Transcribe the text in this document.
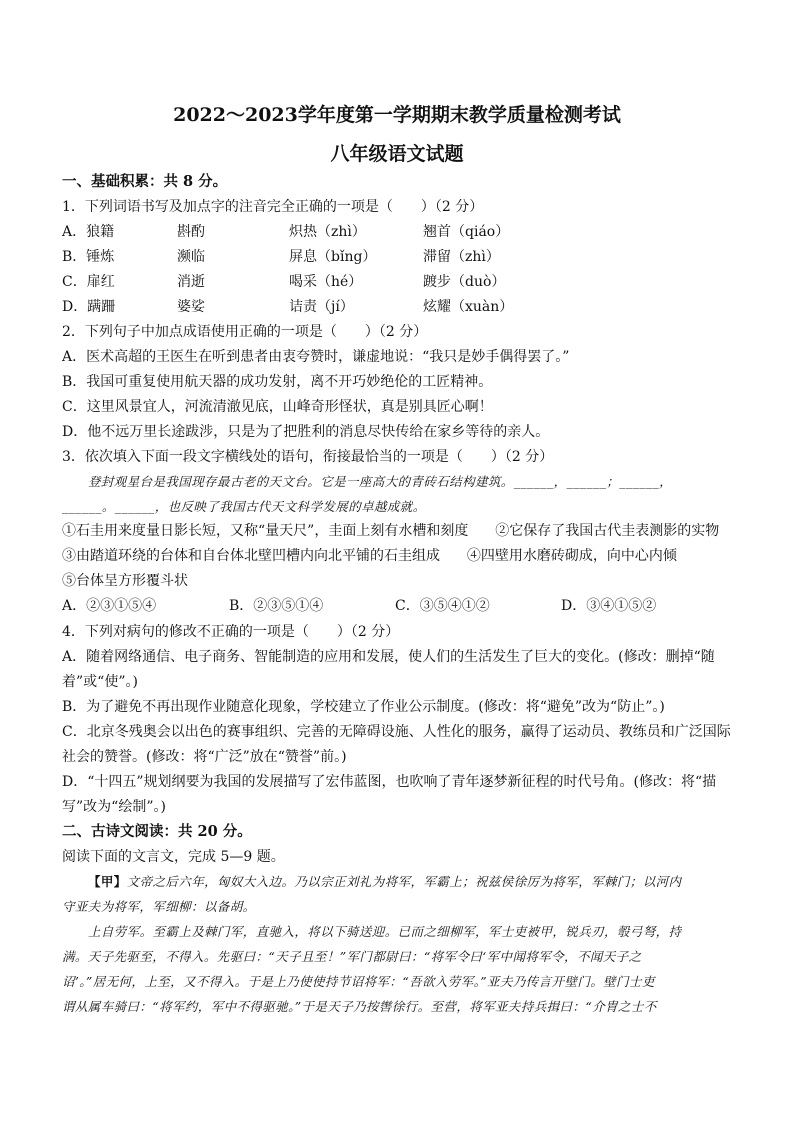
2022～2023学年度第一学期期末教学质量检测考试
八年级语文试题
一、基础积累：共 8 分。
1．下列词语书写及加点字的注音完全正确的一项是（　　）（2 分）
A．狼籍	斟酌	炽热（zhì）	翘首（qiáo）
B．锤炼	濒临	屏息（bǐng）	滞留（zhì）
C．扉红	消逝	喝采（hé）	踱步（duò）
D．蹒跚	婆娑	诘责（jí）	炫耀（xuàn）
2．下列句子中加点成语使用正确的一项是（　　）（2 分）
A．医术高超的王医生在听到患者由衷夸赞时，谦虚地说：“我只是妙手偶得罢了。”
B．我国可重复使用航天器的成功发射，离不开巧妙绝伦的工匠精神。
C．这里风景宜人，河流清澈见底，山峰奇形怪状，真是别具匠心啊！
D．他不远万里长途跋涉，只是为了把胜利的消息尽快传给在家乡等待的亲人。
3．依次填入下面一段文字横线处的语句，衔接最恰当的一项是（　　）（2 分）
登封观星台是我国现存最古老的天文台。它是一座高大的青砖石结构建筑。______，______；______，
______。______，也反映了我国古代天文科学发展的卓越成就。
①石圭用来度量日影长短，又称“量天尺”，圭面上刻有水槽和刻度 ②它保存了我国古代圭表测影的实物
③由踏道环绕的台体和自台体北壁凹槽内向北平铺的石圭组成 ④四壁用水磨砖砌成，向中心内倾
⑤台体呈方形覆斗状
A．②③①⑤④	B．②③⑤①④	C．③⑤④①②	D．③④①⑤②
4．下列对病句的修改不正确的一项是（　　）（2 分）
A．随着网络通信、电子商务、智能制造的应用和发展，使人们的生活发生了巨大的变化。(修改：删掉“随
着”或“使”。)
B．为了避免不再出现作业随意化现象，学校建立了作业公示制度。(修改：将“避免”改为“防止”。)
C．北京冬残奥会以出色的赛事组织、完善的无障碍设施、人性化的服务，赢得了运动员、教练员和广泛国际
社会的赞誉。(修改：将“广泛”放在“赞誉”前。)
D．“十四五”规划纲要为我国的发展描写了宏伟蓝图，也吹响了青年逐梦新征程的时代号角。(修改：将“描
写”改为“绘制”。)
二、古诗文阅读：共 20 分。
阅读下面的文言文，完成 5—9 题。
【甲】文帝之后六年，匈奴大入边。乃以宗正刘礼为将军，军霸上；祝兹侯徐厉为将军，军棘门；以河内
守亚夫为将军，军细柳：以备胡。
上自劳军。至霸上及棘门军，直驰入，将以下骑送迎。已而之细柳军，军士吏被甲，锐兵刃，彀弓弩，持
满。天子先驱至，不得入。先驱曰：“天子且至！”军门都尉曰：“将军令曰‘军中闻将军令，不闻天子之
诏’。”居无何，上至，又不得入。于是上乃使使持节诏将军：“吾欲入劳军。”亚夫乃传言开壁门。壁门士吏
谓从属车骑曰：“将军约，军中不得驱驰。”于是天子乃按辔徐行。至营，将军亚夫持兵揖曰：“介胄之士不
